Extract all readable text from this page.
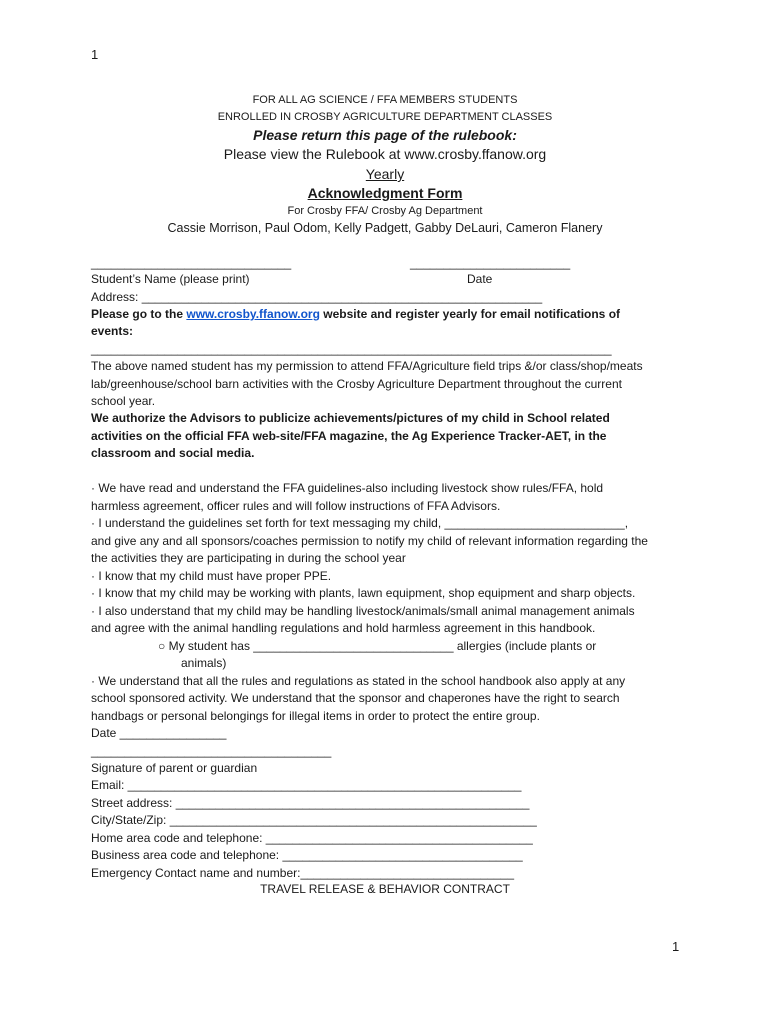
1
FOR ALL AG SCIENCE / FFA MEMBERS STUDENTS
ENROLLED IN CROSBY AGRICULTURE DEPARTMENT CLASSES
Please return this page of the rulebook:
Please view the Rulebook at www.crosby.ffanow.org
Yearly
Acknowledgment Form
For Crosby FFA/ Crosby Ag Department
Cassie Morrison, Paul Odom, Kelly Padgett, Gabby DeLauri, Cameron Flanery
______________________________	________________________
Student’s Name (please print)	Date
Address: ____________________________________________________________
Please go to the www.crosby.ffanow.org website and register yearly for email notifications of
events:
______________________________________________________________________________
The above named student has my permission to attend FFA/Agriculture field trips &/or class/shop/meats
lab/greenhouse/school barn activities with the Crosby Agriculture Department throughout the current
school year.
We authorize the Advisors to publicize achievements/pictures of my child in School related
activities on the official FFA web-site/FFA magazine, the Ag Experience Tracker-AET, in the
classroom and social media.
· We have read and understand the FFA guidelines-also including livestock show rules/FFA, hold
harmless agreement, officer rules and will follow instructions of FFA Advisors.
· I understand the guidelines set forth for text messaging my child, ___________________________,
and give any and all sponsors/coaches permission to notify my child of relevant information regarding the
the activities they are participating in during the school year
· I know that my child must have proper PPE.
· I know that my child may be working with plants, lawn equipment, shop equipment and sharp objects.
· I also understand that my child may be handling livestock/animals/small animal management animals
and agree with the animal handling regulations and hold harmless agreement in this handbook.
○ My student has ______________________________ allergies (include plants or
animals)
· We understand that all the rules and regulations as stated in the school handbook also apply at any
school sponsored activity. We understand that the sponsor and chaperones have the right to search
handbags or personal belongings for illegal items in order to protect the entire group.
Date ________________
____________________________________
Signature of parent or guardian
Email: ___________________________________________________________
Street address: _____________________________________________________
City/State/Zip: _______________________________________________________
Home area code and telephone: ________________________________________
Business area code and telephone: ____________________________________
Emergency Contact name and number:________________________________
TRAVEL RELEASE & BEHAVIOR CONTRACT
1
